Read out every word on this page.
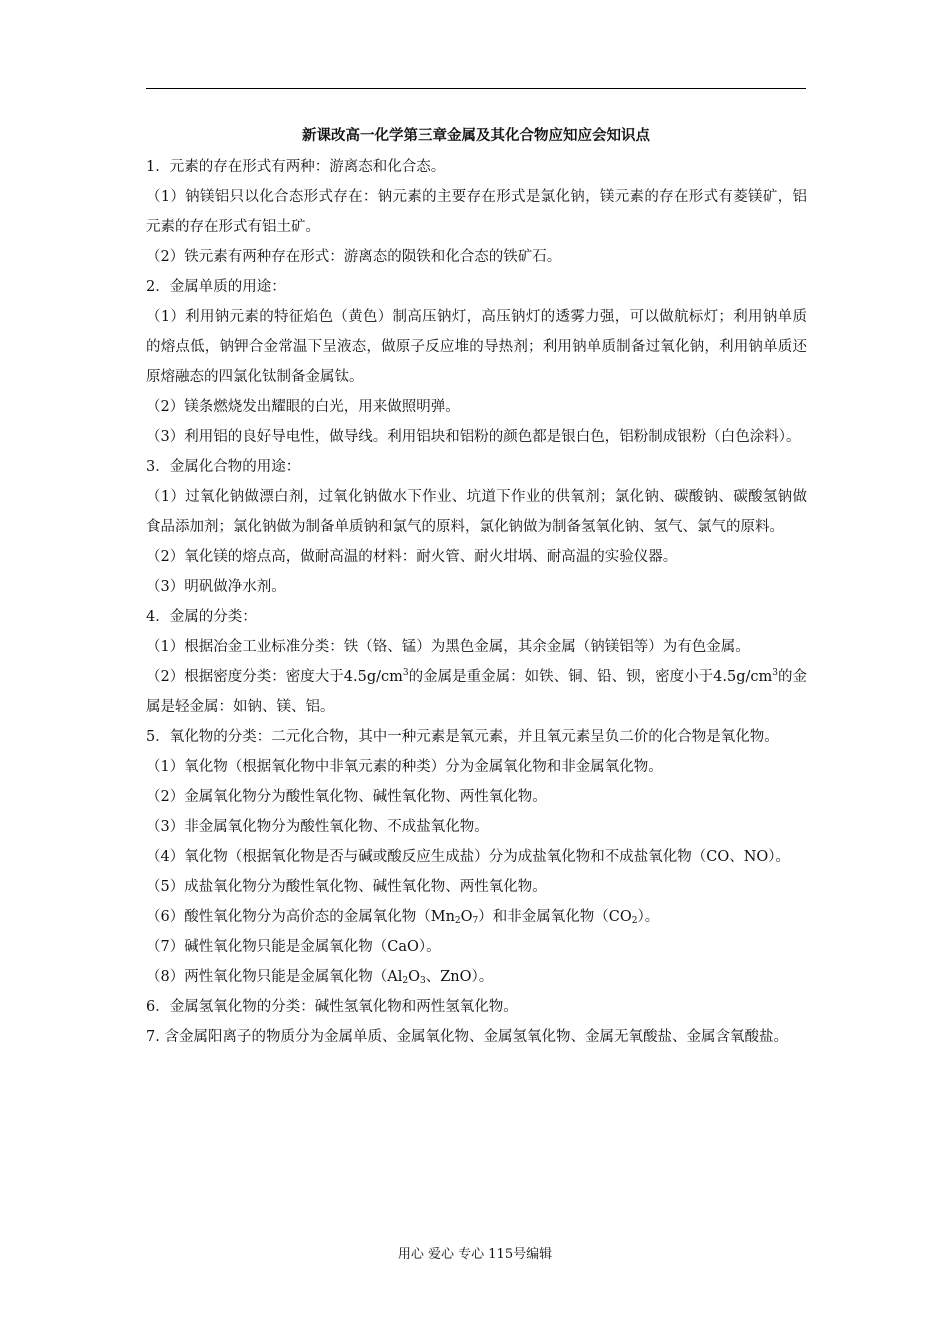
新课改高一化学第三章金属及其化合物应知应会知识点

1．元素的存在形式有两种：游离态和化合态。

（1）钠镁铝只以化合态形式存在：钠元素的主要存在形式是氯化钠，镁元素的存在形式有菱镁矿，铝元素的存在形式有铝土矿。

（2）铁元素有两种存在形式：游离态的陨铁和化合态的铁矿石。

2．金属单质的用途：

（1）利用钠元素的特征焰色（黄色）制高压钠灯，高压钠灯的透雾力强，可以做航标灯；利用钠单质的熔点低，钠钾合金常温下呈液态，做原子反应堆的导热剂；利用钠单质制备过氧化钠，利用钠单质还原熔融态的四氯化钛制备金属钛。

（2）镁条燃烧发出耀眼的白光，用来做照明弹。

（3）利用铝的良好导电性，做导线。利用铝块和铝粉的颜色都是银白色，铝粉制成银粉（白色涂料）。

3．金属化合物的用途：

（1）过氧化钠做漂白剂，过氧化钠做水下作业、坑道下作业的供氧剂；氯化钠、碳酸钠、碳酸氢钠做食品添加剂；氯化钠做为制备单质钠和氯气的原料，氯化钠做为制备氢氧化钠、氢气、氯气的原料。

（2）氧化镁的熔点高，做耐高温的材料：耐火管、耐火坩埚、耐高温的实验仪器。

（3）明矾做净水剂。

4．金属的分类：

（1）根据冶金工业标准分类：铁（铬、锰）为黑色金属，其余金属（钠镁铝等）为有色金属。

（2）根据密度分类：密度大于$4.5g/cm^3$的金属是重金属：如铁、铜、铅、钡，密度小于$4.5g/cm^3$的金属是轻金属：如钠、镁、铝。

5．氧化物的分类：二元化合物，其中一种元素是氧元素，并且氧元素呈负二价的化合物是氧化物。

（1）氧化物（根据氧化物中非氧元素的种类）分为金属氧化物和非金属氧化物。

（2）金属氧化物分为酸性氧化物、碱性氧化物、两性氧化物。

（3）非金属氧化物分为酸性氧化物、不成盐氧化物。

（4）氧化物（根据氧化物是否与碱或酸反应生成盐）分为成盐氧化物和不成盐氧化物（CO、NO）。

（5）成盐氧化物分为酸性氧化物、碱性氧化物、两性氧化物。

（6）酸性氧化物分为高价态的金属氧化物$(Mn_2O_7)$和非金属氧化物$(CO_2)$。

（7）碱性氧化物只能是金属氧化物（CaO）。

（8）两性氧化物只能是金属氧化物（$Al_2O_3$、ZnO）。

6．金属氢氧化物的分类：碱性氢氧化物和两性氢氧化物。

7. 含金属阳离子的物质分为金属单质、金属氧化物、金属氢氧化物、金属无氧酸盐、金属含氧酸盐。

用心 爱心 专心 115号编辑
